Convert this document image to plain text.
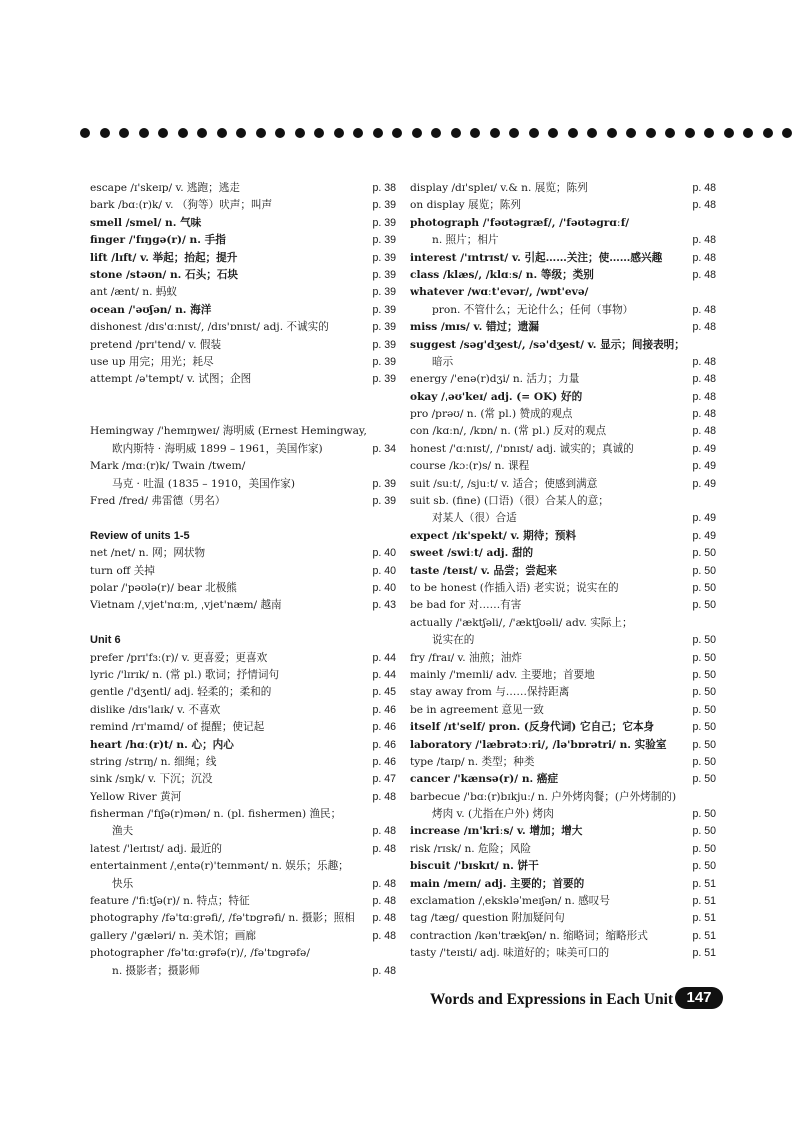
escape /ɪ'skeɪp/ v. 逃跑；逃走	p. 38
bark /bɑː(r)k/ v. （狗等）吠声；叫声	p. 39
smell /smel/ n. 气味	p. 39
finger /'fɪŋgə(r)/ n. 手指	p. 39
lift /lɪft/ v. 举起；抬起；提升	p. 39
stone /stəʊn/ n. 石头；石块	p. 39
ant /ænt/ n. 蚂蚁	p. 39
ocean /'əʊʃən/ n. 海洋	p. 39
dishonest /dɪs'ɑːnɪst/, /dɪs'ɒnɪst/ adj. 不诚实的	p. 39
pretend /prɪ'tend/ v. 假装	p. 39
use up 用完；用光；耗尽	p. 39
attempt /ə'tempt/ v. 试图；企图	p. 39
Hemingway /'hemɪŋweɪ/ 海明威 (Ernest Hemingway,
欧内斯特 · 海明威 1899 – 1961，美国作家)	p. 34
Mark /mɑː(r)k/ Twain /tweɪn/
马克 · 吐温 (1835 – 1910，美国作家)	p. 39
Fred /fred/ 弗雷德（男名）	p. 39
Review of units 1-5
net /net/ n. 网；网状物	p. 40
turn off 关掉	p. 40
polar /'pəʊlə(r)/ bear 北极熊	p. 40
Vietnam /ˌvjet'nɑːm, ˌvjet'næm/ 越南	p. 43
Unit 6
prefer /prɪ'fɜː(r)/ v. 更喜爱；更喜欢	p. 44
lyric /'lɪrɪk/ n. (常 pl.) 歌词；抒情词句	p. 44
gentle /'dʒentl/ adj. 轻柔的；柔和的	p. 45
dislike /dɪs'laɪk/ v. 不喜欢	p. 46
remind /rɪ'maɪnd/ of 提醒；使记起	p. 46
heart /hɑː(r)t/ n. 心；内心	p. 46
string /strɪŋ/ n. 细绳；线	p. 46
sink /sɪŋk/ v. 下沉；沉没	p. 47
Yellow River 黄河	p. 48
fisherman /'fɪʃə(r)mən/ n. (pl. fishermen) 渔民；
渔夫	p. 48
latest /'leɪtɪst/ adj. 最近的	p. 48
entertainment /ˌentə(r)'teɪnmənt/ n. 娱乐；乐趣；
快乐	p. 48
feature /'fiːtʃə(r)/ n. 特点；特征	p. 48
photography /fə'tɑːgrəfi/, /fə'tɒgrəfi/ n. 摄影；照相	p. 48
gallery /'gæləri/ n. 美术馆；画廊	p. 48
photographer /fə'tɑːgrəfə(r)/, /fə'tɒgrəfə/
n. 摄影者；摄影师	p. 48
display /dɪ'spleɪ/ v.& n. 展览；陈列	p. 48
on display 展览；陈列	p. 48
photograph /'fəʊtəgræf/, /'fəʊtəgrɑːf/
n. 照片；相片	p. 48
interest /'ɪntrɪst/ v. 引起……关注；使……感兴趣	p. 48
class /klæs/, /klɑːs/ n. 等级；类别	p. 48
whatever /wɑːt'evər/, /wɒt'evə/
pron. 不管什么；无论什么；任何（事物）	p. 48
miss /mɪs/ v. 错过；遗漏	p. 48
suggest /səg'dʒest/, /sə'dʒest/ v. 显示；间接表明；
暗示	p. 48
energy /'enə(r)dʒi/ n. 活力；力量	p. 48
okay /ˌəʊ'keɪ/ adj. (= OK) 好的	p. 48
pro /prəʊ/ n. (常 pl.) 赞成的观点	p. 48
con /kɑːn/, /kɒn/ n. (常 pl.) 反对的观点	p. 48
honest /'ɑːnɪst/, /'ɒnɪst/ adj. 诚实的；真诚的	p. 49
course /kɔː(r)s/ n. 课程	p. 49
suit /suːt/, /sjuːt/ v. 适合；使感到满意	p. 49
suit sb. (fine) (口语)（很）合某人的意；
对某人（很）合适	p. 49
expect /ɪk'spekt/ v. 期待；预料	p. 49
sweet /swiːt/ adj. 甜的	p. 50
taste /teɪst/ v. 品尝；尝起来	p. 50
to be honest (作插入语) 老实说；说实在的	p. 50
be bad for 对……有害	p. 50
actually /'æktʃəli/, /'æktʃʊəli/ adv. 实际上；
说实在的	p. 50
fry /fraɪ/ v. 油煎；油炸	p. 50
mainly /'meɪnli/ adv. 主要地；首要地	p. 50
stay away from 与……保持距离	p. 50
be in agreement 意见一致	p. 50
itself /ɪt'self/ pron. (反身代词) 它自己；它本身	p. 50
laboratory /'læbrətɔːri/, /lə'bɒrətri/ n. 实验室	p. 50
type /taɪp/ n. 类型；种类	p. 50
cancer /'kænsə(r)/ n. 癌症	p. 50
barbecue /'bɑː(r)bɪkjuː/ n. 户外烤肉餐；(户外烤制的)
烤肉 v. (尤指在户外) 烤肉	p. 50
increase /ɪn'kriːs/ v. 增加；增大	p. 50
risk /rɪsk/ n. 危险；风险	p. 50
biscuit /'bɪskɪt/ n. 饼干	p. 50
main /meɪn/ adj. 主要的；首要的	p. 51
exclamation /ˌekskləˈmeɪʃən/ n. 感叹号	p. 51
tag /tæg/ question 附加疑问句	p. 51
contraction /kən'trækʃən/ n. 缩略词；缩略形式	p. 51
tasty /'teɪsti/ adj. 味道好的；味美可口的	p. 51
Words and Expressions in Each Unit 147
